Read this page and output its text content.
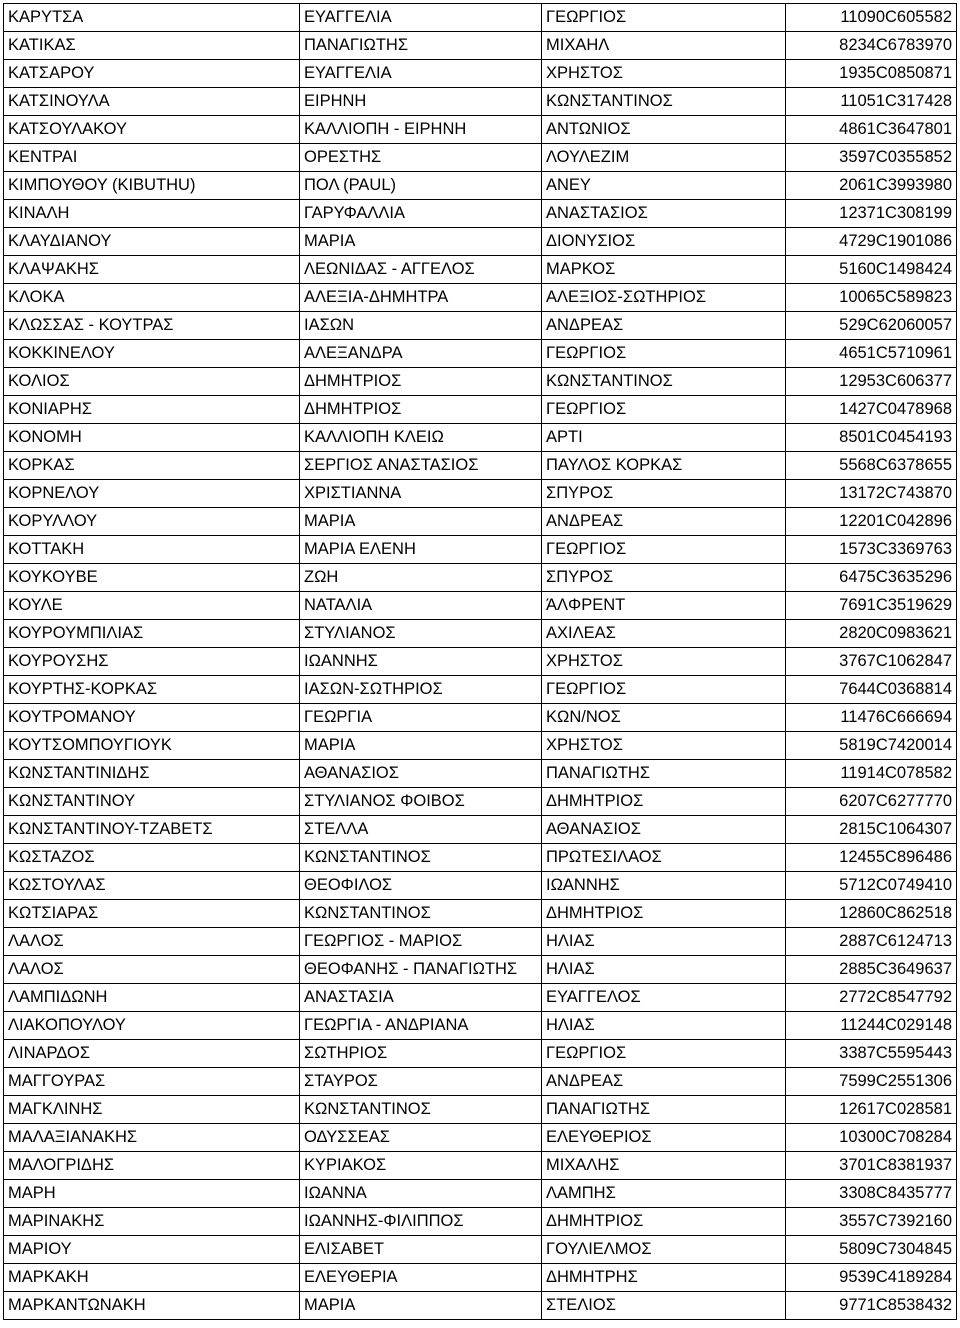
ΚΑΡΥΤΣΑ	ΕΥΑΓΓΕΛΙΑ	ΓΕΩΡΓΙΟΣ	11090C605582
ΚΑΤΙΚΑΣ	ΠΑΝΑΓΙΩΤΗΣ	ΜΙΧΑΗΛ	8234C6783970
ΚΑΤΣΑΡΟΥ	ΕΥΑΓΓΕΛΙΑ	ΧΡΗΣΤΟΣ	1935C0850871
ΚΑΤΣΙΝΟΥΛΑ	ΕΙΡΗΝΗ	ΚΩΝΣΤΑΝΤΙΝΟΣ	11051C317428
ΚΑΤΣΟΥΛΑΚΟΥ	ΚΑΛΛΙΟΠΗ - ΕΙΡΗΝΗ	ΑΝΤΩΝΙΟΣ	4861C3647801
ΚΕΝΤΡΑΙ	ΟΡΕΣΤΗΣ	ΛΟΥΛΕΖΙΜ	3597C0355852
ΚΙΜΠΟΥΘΟΥ (KIBUTHU)	ΠΟΛ (PAUL)	ΑΝΕΥ	2061C3993980
ΚΙΝΑΛΗ	ΓΑΡΥΦΑΛΛΙΑ	ΑΝΑΣΤΑΣΙΟΣ	12371C308199
ΚΛΑΥΔΙΑΝΟΥ	ΜΑΡΙΑ	ΔΙΟΝΥΣΙΟΣ	4729C1901086
ΚΛΑΨΑΚΗΣ	ΛΕΩΝΙΔΑΣ - ΑΓΓΕΛΟΣ	ΜΑΡΚΟΣ	5160C1498424
ΚΛΟΚΑ	ΑΛΕΞΙΑ-ΔΗΜΗΤΡΑ	ΑΛΕΞΙΟΣ-ΣΩΤΗΡΙΟΣ	10065C589823
ΚΛΩΣΣΑΣ - ΚΟΥΤΡΑΣ	ΙΑΣΩΝ	ΑΝΔΡΕΑΣ	529C62060057
ΚΟΚΚΙΝΕΛΟΥ	ΑΛΕΞΑΝΔΡΑ	ΓΕΩΡΓΙΟΣ	4651C5710961
ΚΟΛΙΟΣ	ΔΗΜΗΤΡΙΟΣ	ΚΩΝΣΤΑΝΤΙΝΟΣ	12953C606377
ΚΟΝΙΑΡΗΣ	ΔΗΜΗΤΡΙΟΣ	ΓΕΩΡΓΙΟΣ	1427C0478968
ΚΟΝΟΜΗ	ΚΑΛΛΙΟΠΗ ΚΛΕΙΩ	ΑΡΤΙ	8501C0454193
ΚΟΡΚΑΣ	ΣΕΡΓΙΟΣ ΑΝΑΣΤΑΣΙΟΣ	ΠΑΥΛΟΣ ΚΟΡΚΑΣ	5568C6378655
ΚΟΡΝΕΛΟΥ	ΧΡΙΣΤΙΑΝΝΑ	ΣΠΥΡΟΣ	13172C743870
ΚΟΡΥΛΛΟΥ	ΜΑΡΙΑ	ΑΝΔΡΕΑΣ	12201C042896
ΚΟΤΤΑΚΗ	ΜΑΡΙΑ ΕΛΕΝΗ	ΓΕΩΡΓΙΟΣ	1573C3369763
ΚΟΥΚΟΥΒΕ	ΖΩΗ	ΣΠΥΡΟΣ	6475C3635296
ΚΟΥΛΕ	ΝΑΤΑΛΙΑ	ΆΛΦΡΕΝΤ	7691C3519629
ΚΟΥΡΟΥΜΠΙΛΙΑΣ	ΣΤΥΛΙΑΝΟΣ	ΑΧΙΛΕΑΣ	2820C0983621
ΚΟΥΡΟΥΣΗΣ	ΙΩΑΝΝΗΣ	ΧΡΗΣΤΟΣ	3767C1062847
ΚΟΥΡΤΗΣ-ΚΟΡΚΑΣ	ΙΑΣΩΝ-ΣΩΤΗΡΙΟΣ	ΓΕΩΡΓΙΟΣ	7644C0368814
ΚΟΥΤΡΟΜΑΝΟΥ	ΓΕΩΡΓΙΑ	ΚΩΝ/ΝΟΣ	11476C666694
ΚΟΥΤΣΟΜΠΟΥΓΙΟΥΚ	ΜΑΡΙΑ	ΧΡΗΣΤΟΣ	5819C7420014
ΚΩΝΣΤΑΝΤΙΝΙΔΗΣ	ΑΘΑΝΑΣΙΟΣ	ΠΑΝΑΓΙΩΤΗΣ	11914C078582
ΚΩΝΣΤΑΝΤΙΝΟΥ	ΣΤΥΛΙΑΝΟΣ ΦΟΙΒΟΣ	ΔΗΜΗΤΡΙΟΣ	6207C6277770
ΚΩΝΣΤΑΝΤΙΝΟΥ-ΤΖΑΒΕΤΣ	ΣΤΕΛΛΑ	ΑΘΑΝΑΣΙΟΣ	2815C1064307
ΚΩΣΤΑΖΟΣ	ΚΩΝΣΤΑΝΤΙΝΟΣ	ΠΡΩΤΕΣΙΛΑΟΣ	12455C896486
ΚΩΣΤΟΥΛΑΣ	ΘΕΟΦΙΛΟΣ	ΙΩΑΝΝΗΣ	5712C0749410
ΚΩΤΣΙΑΡΑΣ	ΚΩΝΣΤΑΝΤΙΝΟΣ	ΔΗΜΗΤΡΙΟΣ	12860C862518
ΛΑΛΟΣ	ΓΕΩΡΓΙΟΣ - ΜΑΡΙΟΣ	ΗΛΙΑΣ	2887C6124713
ΛΑΛΟΣ	ΘΕΟΦΑΝΗΣ - ΠΑΝΑΓΙΩΤΗΣ	ΗΛΙΑΣ	2885C3649637
ΛΑΜΠΙΔΩΝΗ	ΑΝΑΣΤΑΣΙΑ	ΕΥΑΓΓΕΛΟΣ	2772C8547792
ΛΙΑΚΟΠΟΥΛΟΥ	ΓΕΩΡΓΙΑ - ΑΝΔΡΙΑΝΑ	ΗΛΙΑΣ	11244C029148
ΛΙΝΑΡΔΟΣ	ΣΩΤΗΡΙΟΣ	ΓΕΩΡΓΙΟΣ	3387C5595443
ΜΑΓΓΟΥΡΑΣ	ΣΤΑΥΡΟΣ	ΑΝΔΡΕΑΣ	7599C2551306
ΜΑΓΚΛΙΝΗΣ	ΚΩΝΣΤΑΝΤΙΝΟΣ	ΠΑΝΑΓΙΩΤΗΣ	12617C028581
ΜΑΛΑΞΙΑΝΑΚΗΣ	ΟΔΥΣΣΕΑΣ	ΕΛΕΥΘΕΡΙΟΣ	10300C708284
ΜΑΛΟΓΡΙΔΗΣ	ΚΥΡΙΑΚΟΣ	ΜΙΧΑΛΗΣ	3701C8381937
ΜΑΡΗ	ΙΩΑΝΝΑ	ΛΑΜΠΗΣ	3308C8435777
ΜΑΡΙΝΑΚΗΣ	ΙΩΑΝΝΗΣ-ΦΙΛΙΠΠΟΣ	ΔΗΜΗΤΡΙΟΣ	3557C7392160
ΜΑΡΙΟΥ	ΕΛΙΣΑΒΕΤ	ΓΟΥΛΙΕΛΜΟΣ	5809C7304845
ΜΑΡΚΑΚΗ	ΕΛΕΥΘΕΡΙΑ	ΔΗΜΗΤΡΗΣ	9539C4189284
ΜΑΡΚΑΝΤΩΝΑΚΗ	ΜΑΡΙΑ	ΣΤΕΛΙΟΣ	9771C8538432
